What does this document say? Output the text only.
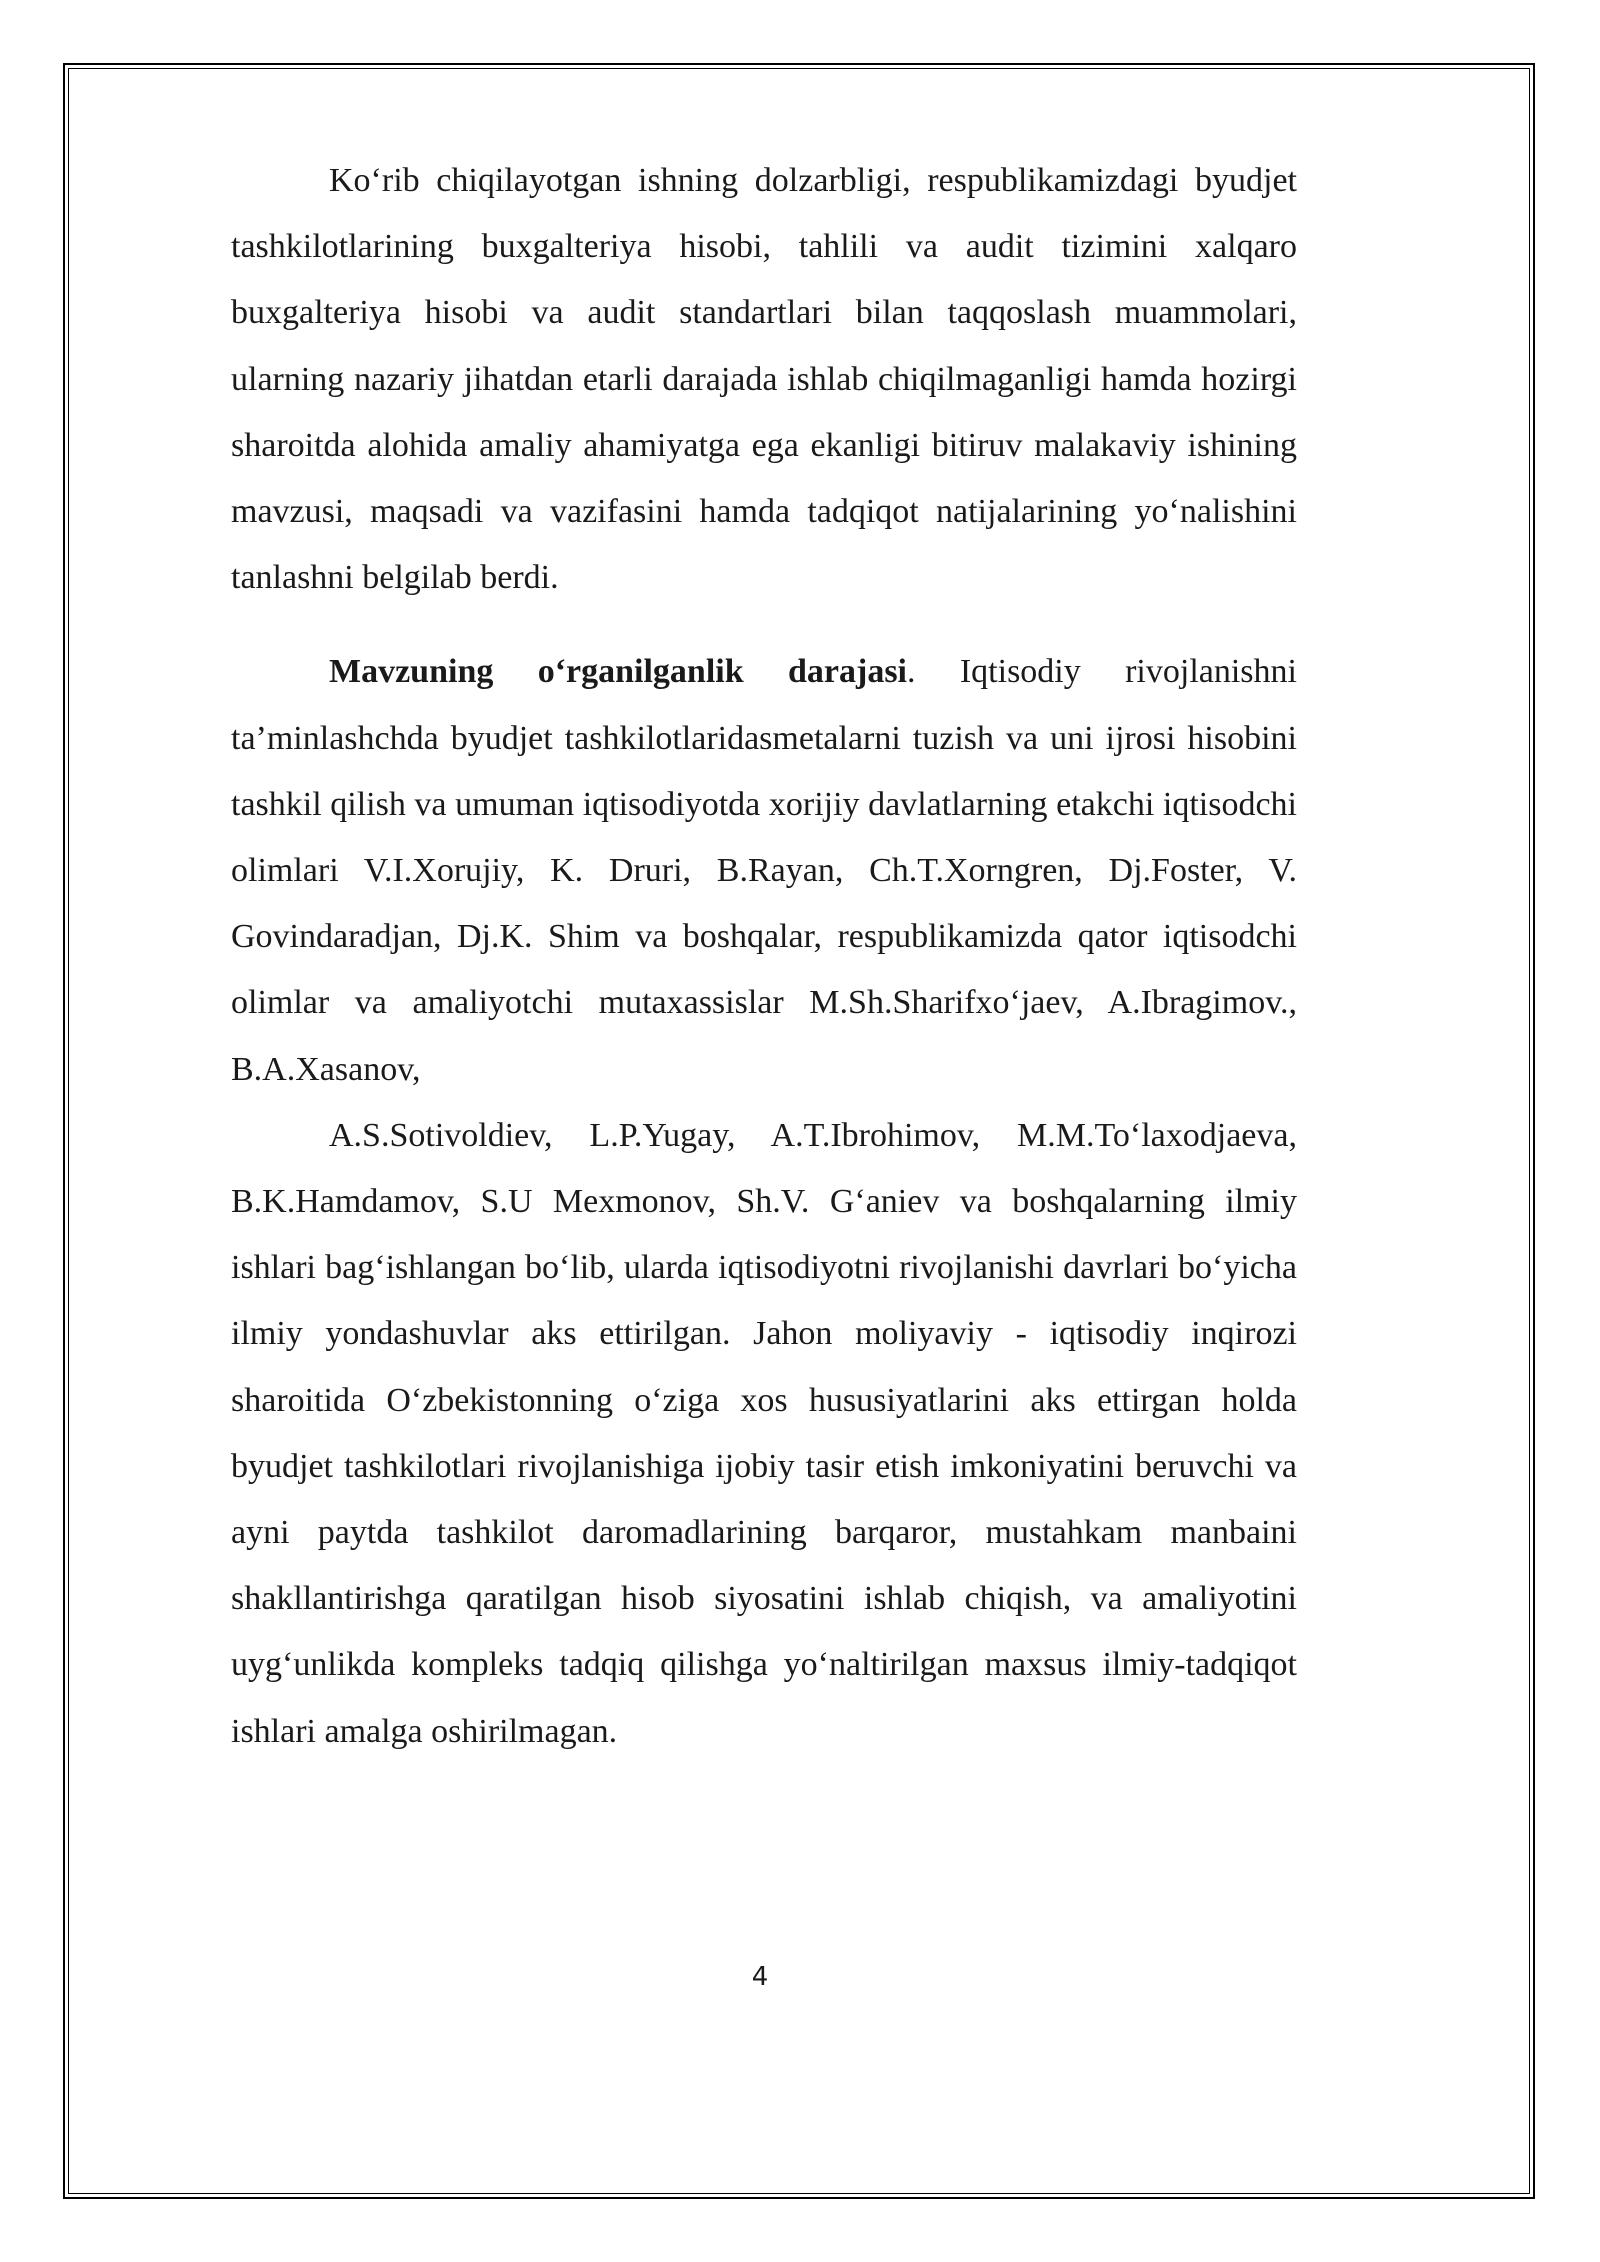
Ko‘rib chiqilayotgan ishning dolzarbligi, respublikamizdagi byudjet tashkilotlarining buxgalteriya hisobi, tahlili va audit tizimini xalqaro buxgalteriya hisobi va audit standartlari bilan taqqoslash muammolari, ularning nazariy jihatdan etarli darajada ishlab chiqilmaganligi hamda hozirgi sharoitda alohida amaliy ahamiyatga ega ekanligi bitiruv malakaviy ishining mavzusi, maqsadi va vazifasini hamda tadqiqot natijalarining yo‘nalishini tanlashni belgilab berdi.

Mavzuning o‘rganilganlik darajasi. Iqtisodiy rivojlanishni ta’minlashchda byudjet tashkilotlaridasmetalarni tuzish va uni ijrosi hisobini tashkil qilish va umuman iqtisodiyotda xorijiy davlatlarning etakchi iqtisodchi olimlari V.I.Xorujiy, K. Druri, B.Rayan, Ch.T.Xorngren, Dj.Foster, V. Govindaradjan, Dj.K. Shim va boshqalar, respublikamizda qator iqtisodchi olimlar va amaliyotchi mutaxassislar M.Sh.Sharifxo‘jaev, A.Ibragimov., B.A.Xasanov,
A.S.Sotivoldiev, L.P.Yugay, A.T.Ibrohimov, M.M.To‘laxodjaeva, B.K.Hamdamov, S.U Mexmonov, Sh.V. G‘aniev va boshqalarning ilmiy ishlari bag‘ishlangan bo‘lib, ularda iqtisodiyotni rivojlanishi davrlari bo‘yicha ilmiy yondashuvlar aks ettirilgan. Jahon moliyaviy - iqtisodiy inqirozi sharoitida O‘zbekistonning o‘ziga xos hususiyatlarini aks ettirgan holda byudjet tashkilotlari rivojlanishiga ijobiy tasir etish imkoniyatini beruvchi va ayni paytda tashkilot daromadlarining barqaror, mustahkam manbaini shakllantirishga qaratilgan hisob siyosatini ishlab chiqish, va amaliyotini uyg‘unlikda kompleks tadqiq qilishga yo‘naltirilgan maxsus ilmiy-tadqiqot ishlari amalga oshirilmagan.

4
